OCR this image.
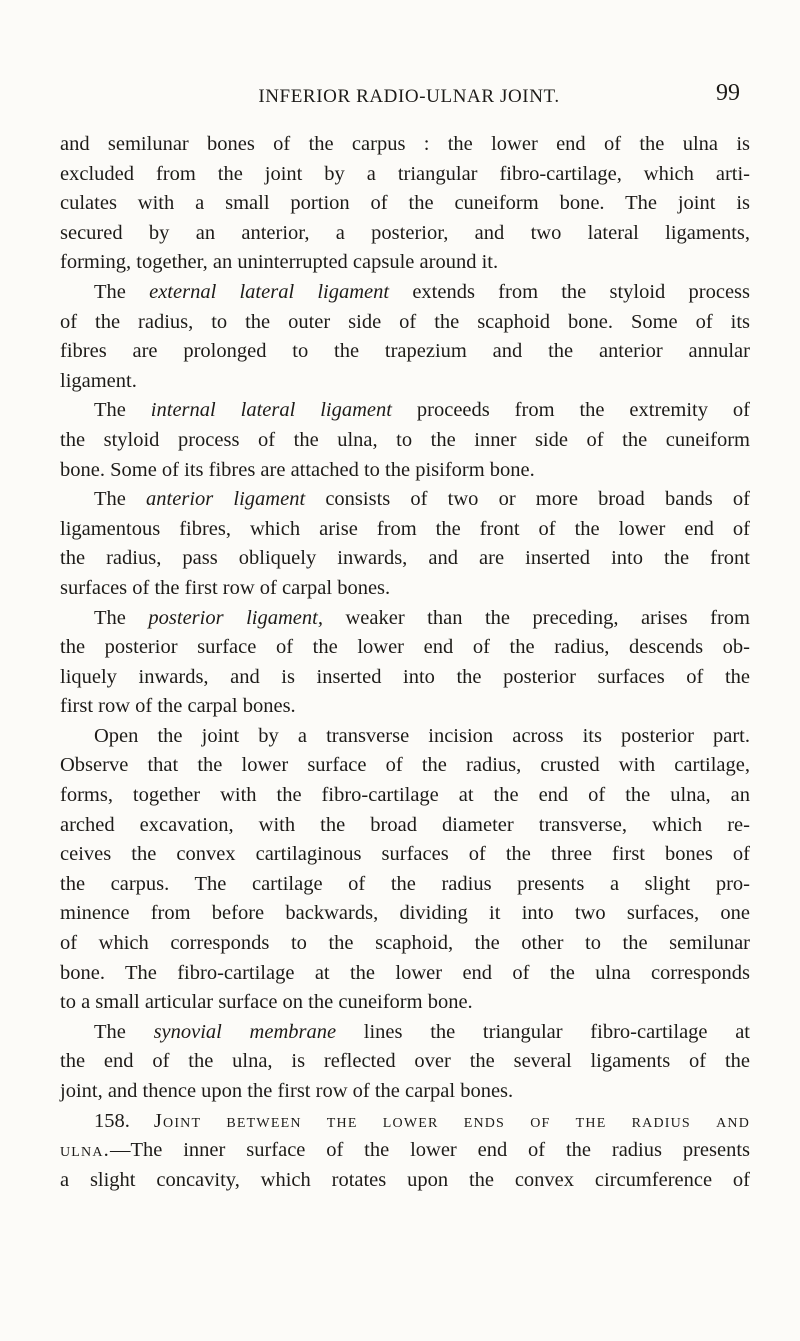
INFERIOR RADIO-ULNAR JOINT.	99
and semilunar bones of the carpus : the lower end of the ulna is
excluded from the joint by a triangular fibro-cartilage, which arti-
culates with a small portion of the cuneiform bone. The joint is
secured by an anterior, a posterior, and two lateral ligaments,
forming, together, an uninterrupted capsule around it.
The external lateral ligament extends from the styloid process
of the radius, to the outer side of the scaphoid bone. Some of its
fibres are prolonged to the trapezium and the anterior annular
ligament.
The internal lateral ligament proceeds from the extremity of
the styloid process of the ulna, to the inner side of the cuneiform
bone. Some of its fibres are attached to the pisiform bone.
The anterior ligament consists of two or more broad bands of
ligamentous fibres, which arise from the front of the lower end of
the radius, pass obliquely inwards, and are inserted into the front
surfaces of the first row of carpal bones.
The posterior ligament, weaker than the preceding, arises from
the posterior surface of the lower end of the radius, descends ob-
liquely inwards, and is inserted into the posterior surfaces of the
first row of the carpal bones.
Open the joint by a transverse incision across its posterior part.
Observe that the lower surface of the radius, crusted with cartilage,
forms, together with the fibro-cartilage at the end of the ulna, an
arched excavation, with the broad diameter transverse, which re-
ceives the convex cartilaginous surfaces of the three first bones of
the carpus. The cartilage of the radius presents a slight pro-
minence from before backwards, dividing it into two surfaces, one
of which corresponds to the scaphoid, the other to the semilunar
bone. The fibro-cartilage at the lower end of the ulna corresponds
to a small articular surface on the cuneiform bone.
The synovial membrane lines the triangular fibro-cartilage at
the end of the ulna, is reflected over the several ligaments of the
joint, and thence upon the first row of the carpal bones.
158. Joint between the lower ends of the radius and
ulna.—The inner surface of the lower end of the radius presents
a slight concavity, which rotates upon the convex circumference of
